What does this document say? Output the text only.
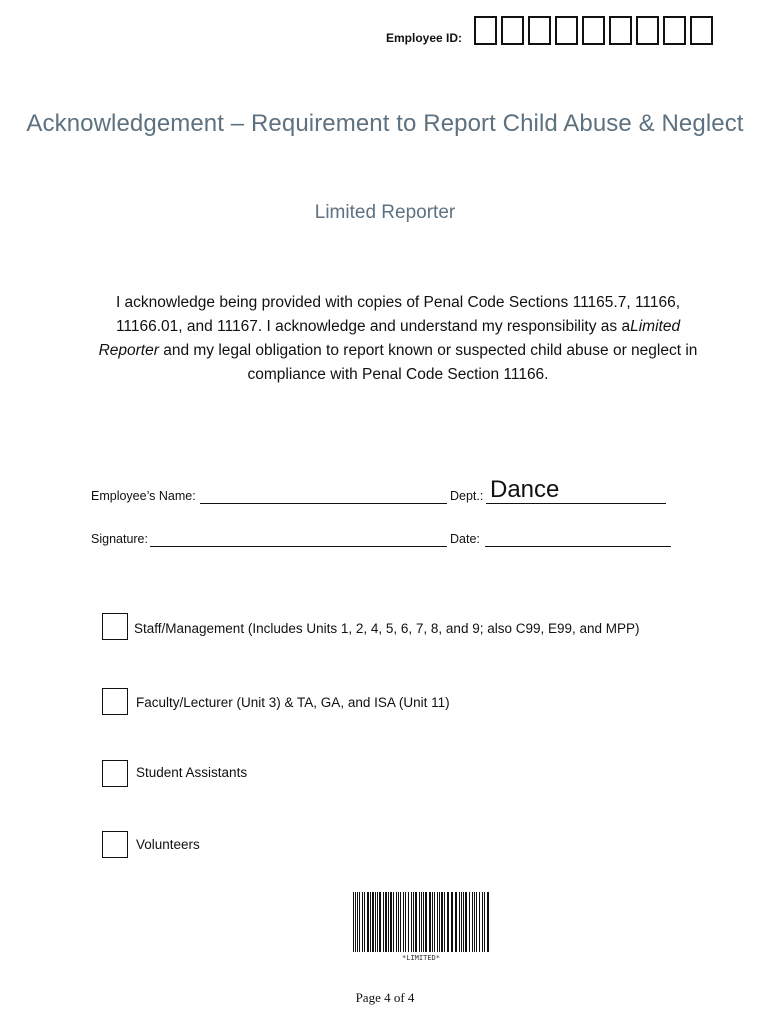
Employee ID:
Acknowledgement – Requirement to Report Child Abuse & Neglect
Limited Reporter
I acknowledge being provided with copies of Penal Code Sections 11165.7, 11166, 11166.01, and 11167. I acknowledge and understand my responsibility as aLimited Reporter and my legal obligation to report known or suspected child abuse or neglect in compliance with Penal Code Section 11166.
Employee’s Name:	Dept.: Dance
Signature:	Date:
Staff/Management (Includes Units 1, 2, 4, 5, 6, 7, 8, and 9; also C99, E99, and MPP)
Faculty/Lecturer (Unit 3) & TA, GA, and ISA (Unit 11)
Student Assistants
Volunteers
*LIMITED*
Page 4 of 4
